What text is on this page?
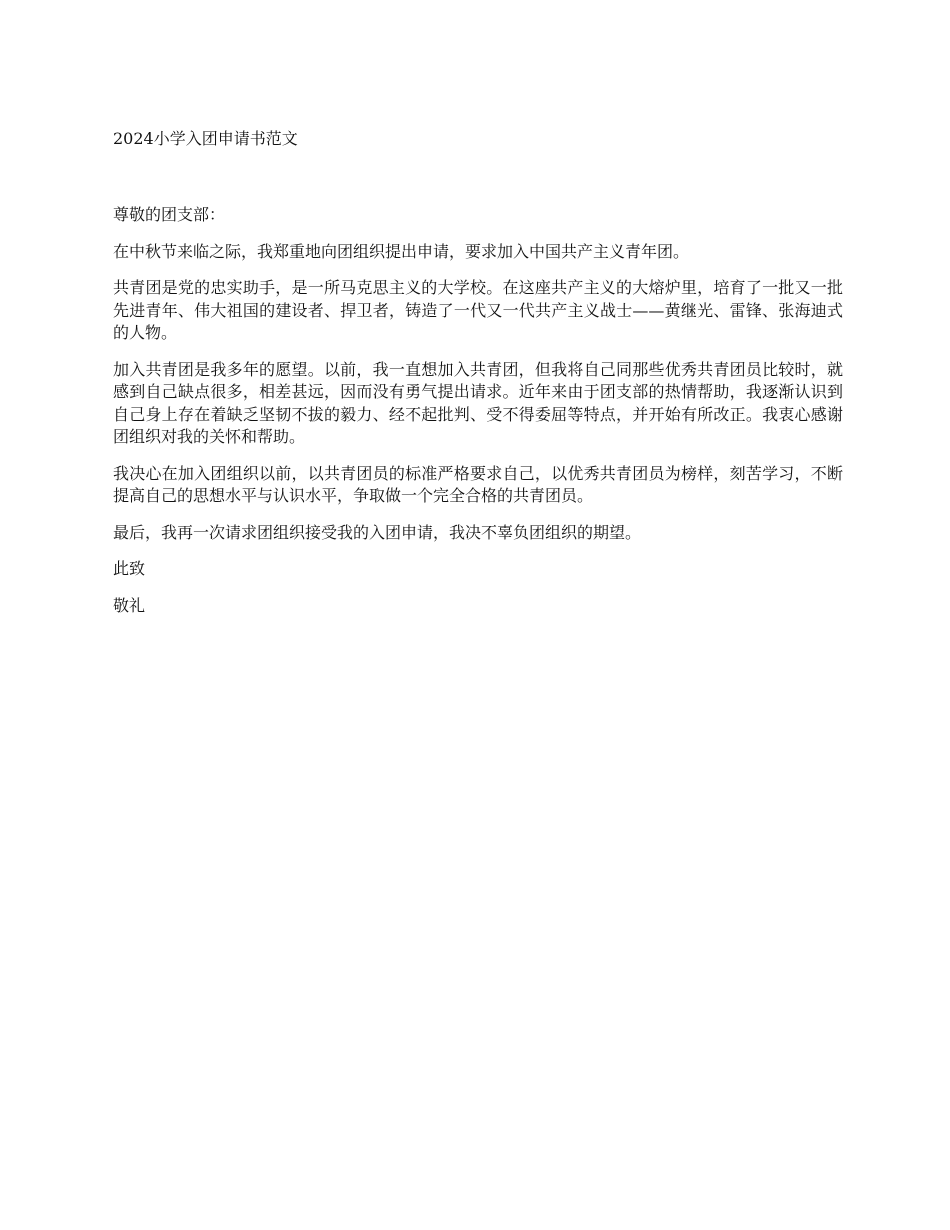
2024小学入团申请书范文

尊敬的团支部：

在中秋节来临之际，我郑重地向团组织提出申请，要求加入中国共产主义青年团。

共青团是党的忠实助手，是一所马克思主义的大学校。在这座共产主义的大熔炉里，培育了一批又一批先进青年、伟大祖国的建设者、捍卫者，铸造了一代又一代共产主义战士——黄继光、雷锋、张海迪式的人物。

加入共青团是我多年的愿望。以前，我一直想加入共青团，但我将自己同那些优秀共青团员比较时，就感到自己缺点很多，相差甚远，因而没有勇气提出请求。近年来由于团支部的热情帮助，我逐渐认识到自己身上存在着缺乏坚韧不拔的毅力、经不起批判、受不得委屈等特点，并开始有所改正。我衷心感谢团组织对我的关怀和帮助。

我决心在加入团组织以前，以共青团员的标准严格要求自己，以优秀共青团员为榜样，刻苦学习，不断提高自己的思想水平与认识水平，争取做一个完全合格的共青团员。

最后，我再一次请求团组织接受我的入团申请，我决不辜负团组织的期望。

此致

敬礼
